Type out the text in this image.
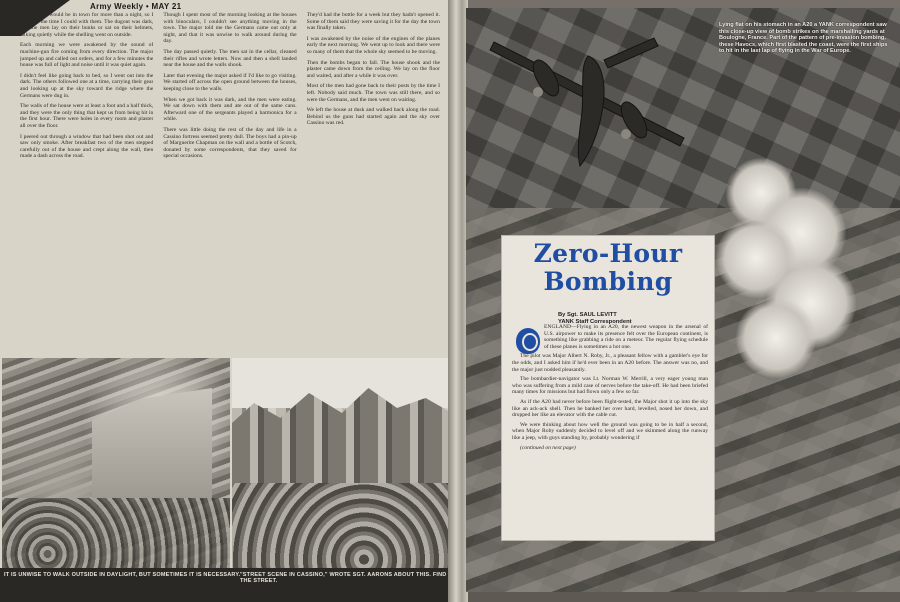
Army Weekly • MAY 21

I knew they would be in town for more than a night, so I spent all the time I could with them. The dugout was dark, and the men lay on their bunks or sat on their helmets, talking quietly while the shelling went on outside.

Each morning we were awakened by the sound of machine-gun fire coming from every direction. The major jumped up and called out orders, and for a few minutes the house was full of light and noise until it was quiet again.

I didn't feel like going back to bed, so I went out into the dark. The others followed one at a time, carrying their gear and looking up at the sky toward the ridge where the Germans were dug in.

The walls of the house were at least a foot and a half thick, and they were the only thing that kept us from being hit in the first hour. There were holes in every room and plaster all over the floor.

I peered out through a window that had been shot out and saw only smoke. After breakfast two of the men stepped carefully out of the house and crept along the wall, then made a dash across the road.

Though I spent most of the morning looking at the houses with binoculars, I couldn't see anything moving in the town. The major told me the Germans came out only at night, and that it was unwise to walk around during the day.

The day passed quietly. The men sat in the cellar, cleaned their rifles and wrote letters. Now and then a shell landed near the house and the walls shook.

Later that evening the major asked if I'd like to go visiting. We started off across the open ground between the houses, keeping close to the walls.

When we got back it was dark, and the men were eating. We sat down with them and ate out of the same cans. Afterward one of the sergeants played a harmonica for a while.

There was little doing the rest of the day and life in a Cassino fortress seemed pretty dull. The boys had a pin-up of Marguerite Chapman on the wall and a bottle of Scotch, donated by some correspondents, that they saved for special occasions.

They'd had the bottle for a week but they hadn't opened it. Some of them said they were saving it for the day the town was finally taken.

I was awakened by the noise of the engines of the planes early the next morning. We went up to look and there were so many of them that the whole sky seemed to be moving.

Then the bombs began to fall. The house shook and the plaster came down from the ceiling. We lay on the floor and waited, and after a while it was over.

Most of the men had gone back to their posts by the time I left. Nobody said much. The town was still there, and so were the Germans, and the men went on waiting.

We left the house at dusk and walked back along the road. Behind us the guns had started again and the sky over Cassino was red.

IT IS UNWISE TO WALK OUTSIDE IN DAYLIGHT, BUT SOMETIMES IT IS NECESSARY. "STREET SCENE IN CASSINO," WROTE SGT. AARONS ABOUT THIS. FIND THE STREET.
Lying flat on his stomach in an A20 a YANK correspondent saw this close-up view of bomb strikes on the marshalling yards at Boulogne, France. Part of the pattern of pre-invasion bombing, these Havocs, which first blasted the coast, were the first ships to hit in the last lap of flying in the War of Europe.
Zero-Hour Bombing
By Sgt. SAUL LEVITT
YANK Staff Correspondent

ENGLAND—Flying in an A20, the newest weapon in the arsenal of U.S. airpower to make its presence felt over the European continent, is something like grabbing a ride on a meteor. The regular flying schedule of these planes is sometimes a hot one.

The pilot was Major Albert N. Roby, Jr., a pleasant fellow with a gambler's eye for the odds, and I asked him if he'd ever been in an A20 before. The answer was no, and the major just nodded pleasantly.

The bombardier-navigator was Lt. Norman W. Merrill, a very eager young man who was suffering from a mild case of nerves before the take-off. He had been briefed many times for missions but had flown only a few so far.

As if the A20 had never before been flight-tested, the Major shot it up into the sky like an ack-ack shell. Then he banked her over hard, levelled, nosed her down, and dropped her like an elevator with the cable cut.

We were thinking about how well the ground was going to be in half a second, when Major Roby suddenly decided to level off and we skimmed along the runway like a jeep, with guys standing by, probably wondering if

(continued on next page)
